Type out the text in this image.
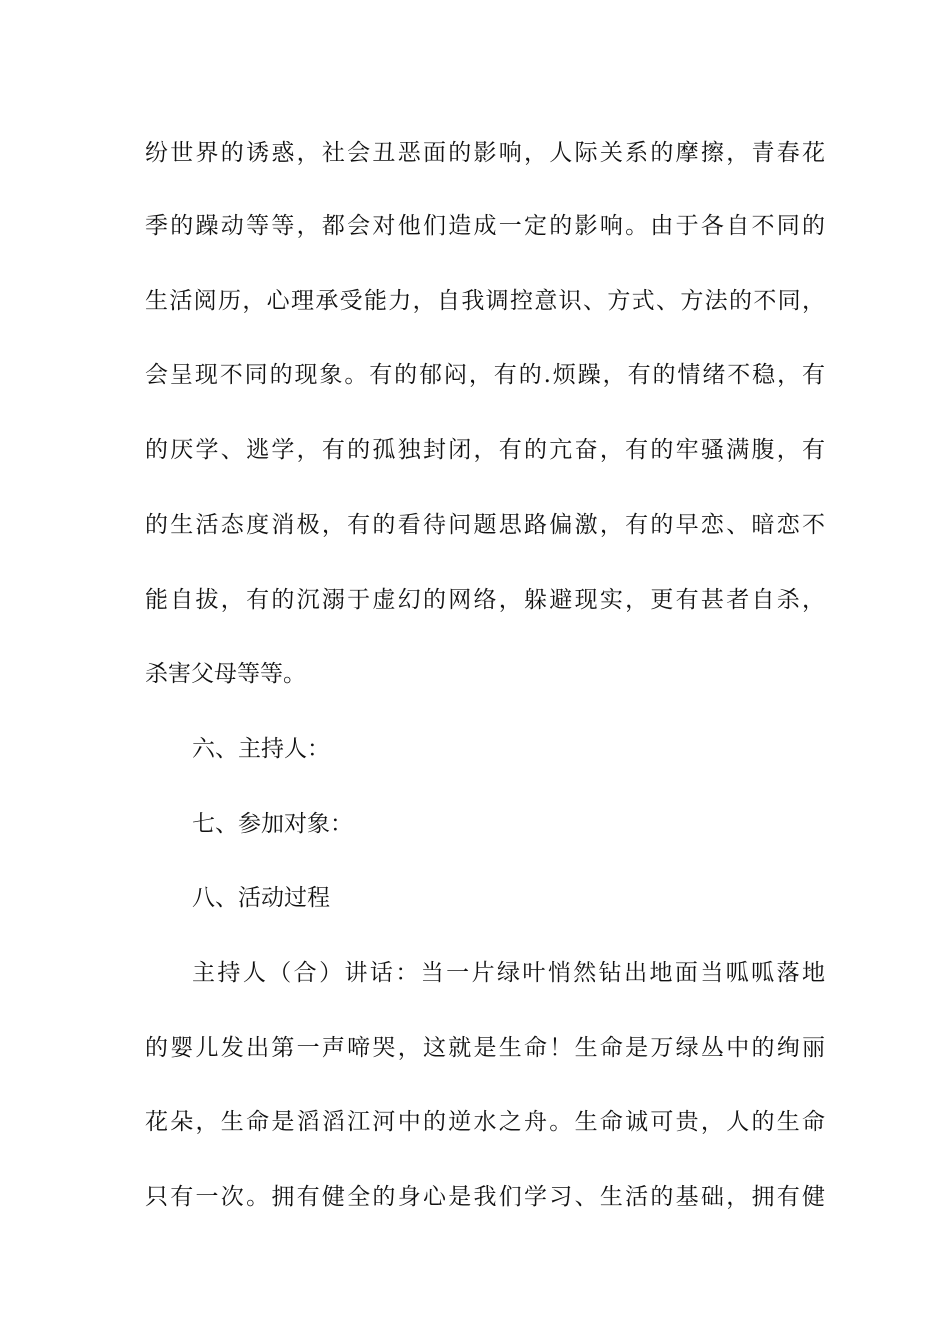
纷世界的诱惑，社会丑恶面的影响，人际关系的摩擦，青春花
季的躁动等等，都会对他们造成一定的影响。由于各自不同的
生活阅历，心理承受能力，自我调控意识、方式、方法的不同，
会呈现不同的现象。有的郁闷，有的.烦躁，有的情绪不稳，有
的厌学、逃学，有的孤独封闭，有的亢奋，有的牢骚满腹，有
的生活态度消极，有的看待问题思路偏激，有的早恋、暗恋不
能自拔，有的沉溺于虚幻的网络，躲避现实，更有甚者自杀，
杀害父母等等。
六、主持人：
七、参加对象：
八、活动过程
主持人（合）讲话：当一片绿叶悄然钻出地面当呱呱落地
的婴儿发出第一声啼哭，这就是生命！生命是万绿丛中的绚丽
花朵，生命是滔滔江河中的逆水之舟。生命诚可贵，人的生命
只有一次。拥有健全的身心是我们学习、生活的基础，拥有健
